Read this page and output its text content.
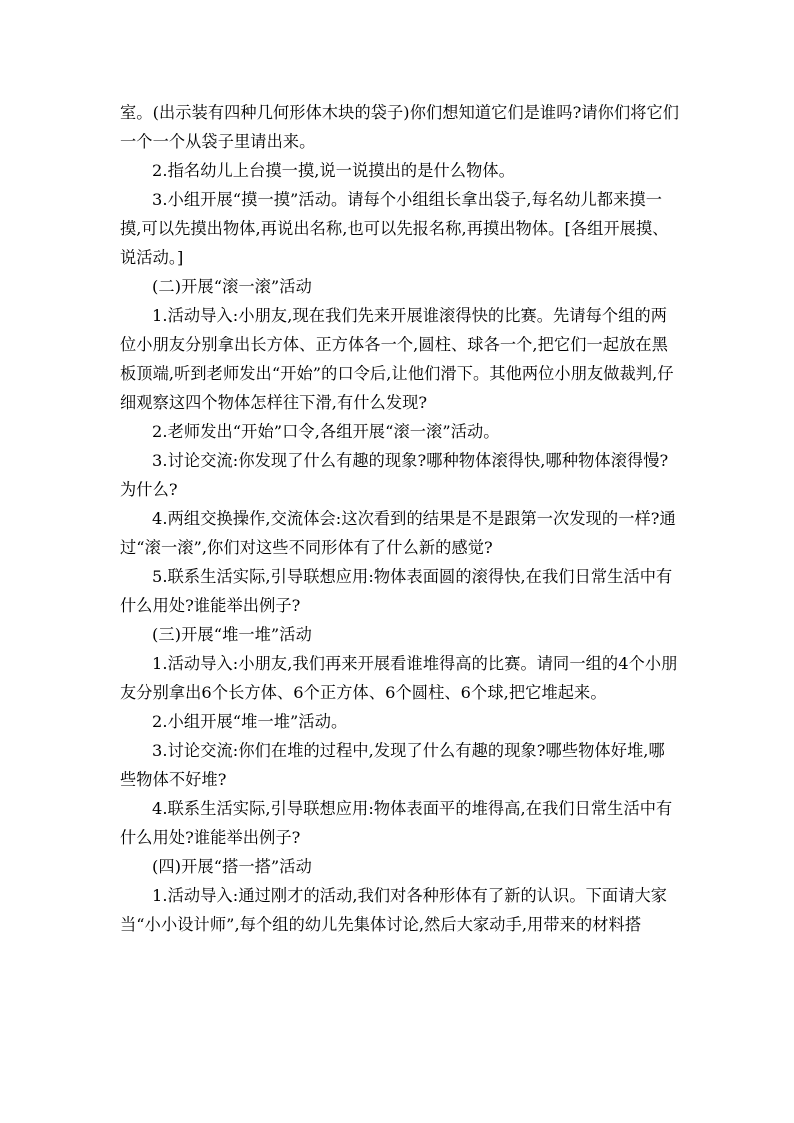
室。(出示装有四种几何形体木块的袋子)你们想知道它们是谁吗?请你们将它们一个一个从袋子里请出来。

2.指名幼儿上台摸一摸,说一说摸出的是什么物体。

3.小组开展“摸一摸”活动。请每个小组组长拿出袋子,每名幼儿都来摸一摸,可以先摸出物体,再说出名称,也可以先报名称,再摸出物体。[各组开展摸、说活动。]

(二)开展“滚一滚”活动

1.活动导入:小朋友,现在我们先来开展谁滚得快的比赛。先请每个组的两位小朋友分别拿出长方体、正方体各一个,圆柱、球各一个,把它们一起放在黑板顶端,听到老师发出“开始”的口令后,让他们滑下。其他两位小朋友做裁判,仔细观察这四个物体怎样往下滑,有什么发现?

2.老师发出“开始”口令,各组开展“滚一滚”活动。

3.讨论交流:你发现了什么有趣的现象?哪种物体滚得快,哪种物体滚得慢?为什么?

4.两组交换操作,交流体会:这次看到的结果是不是跟第一次发现的一样?通过“滚一滚”,你们对这些不同形体有了什么新的感觉?

5.联系生活实际,引导联想应用:物体表面圆的滚得快,在我们日常生活中有什么用处?谁能举出例子?

(三)开展“堆一堆”活动

1.活动导入:小朋友,我们再来开展看谁堆得高的比赛。请同一组的4个小朋友分别拿出6个长方体、6个正方体、6个圆柱、6个球,把它堆起来。

2.小组开展“堆一堆”活动。

3.讨论交流:你们在堆的过程中,发现了什么有趣的现象?哪些物体好堆,哪些物体不好堆?

4.联系生活实际,引导联想应用:物体表面平的堆得高,在我们日常生活中有什么用处?谁能举出例子?

(四)开展“搭一搭”活动

1.活动导入:通过刚才的活动,我们对各种形体有了新的认识。下面请大家当“小小设计师”,每个组的幼儿先集体讨论,然后大家动手,用带来的材料搭
